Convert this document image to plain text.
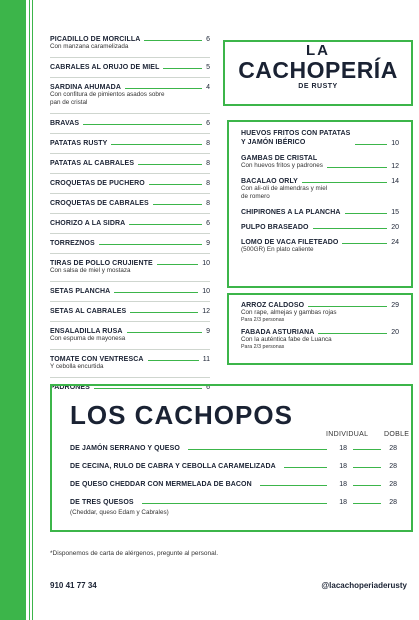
PICADILLO DE MORCILLA	6
Con manzana caramelizada
CABRALES AL ORUJO DE MIEL	5
SARDINA AHUMADA	4
Con confitura de pimientos asados sobre pan de cristal
BRAVAS	6
PATATAS RUSTY	8
PATATAS AL CABRALES	8
CROQUETAS DE PUCHERO	8
CROQUETAS DE CABRALES	8
CHORIZO A LA SIDRA	6
TORREZNOS	9
TIRAS DE POLLO CRUJIENTE	10
Con salsa de miel y mostaza
SETAS PLANCHA	10
SETAS AL CABRALES	12
ENSALADILLA RUSA	9
Con espuma de mayonesa
TOMATE CON VENTRESCA	11
Y cebolla encurtida
PADRONES	6
LA
CACHOPERÍA
DE RUSTY
HUEVOS FRITOS CON PATATAS Y JAMÓN IBÉRICO	10
GAMBAS DE CRISTAL
Con huevos fritos y padrones	12
BACALAO ORLY	14
Con ali-oli de almendras y miel de romero
CHIPIRONES A LA PLANCHA	15
PULPO BRASEADO	20
LOMO DE VACA FILETEADO	24
(500GR) En plato caliente
ARROZ CALDOSO	29
Con rape, almejas y gambas rojas
Para 2/3 personas
FABADA ASTURIANA	20
Con la auténtica fabe de Luanca
Para 2/3 personas
LOS CACHOPOS
INDIVIDUAL DOBLE
DE JAMÓN SERRANO Y QUESO	18	28
DE CECINA, RULO DE CABRA Y CEBOLLA CARAMELIZADA	18	28
DE QUESO CHEDDAR CON MERMELADA DE BACON	18	28
DE TRES QUESOS	18	28
(Cheddar, queso Edam y Cabrales)
*Disponemos de carta de alérgenos, pregunte al personal.
910 41 77 34	@lacachoperiaderusty
